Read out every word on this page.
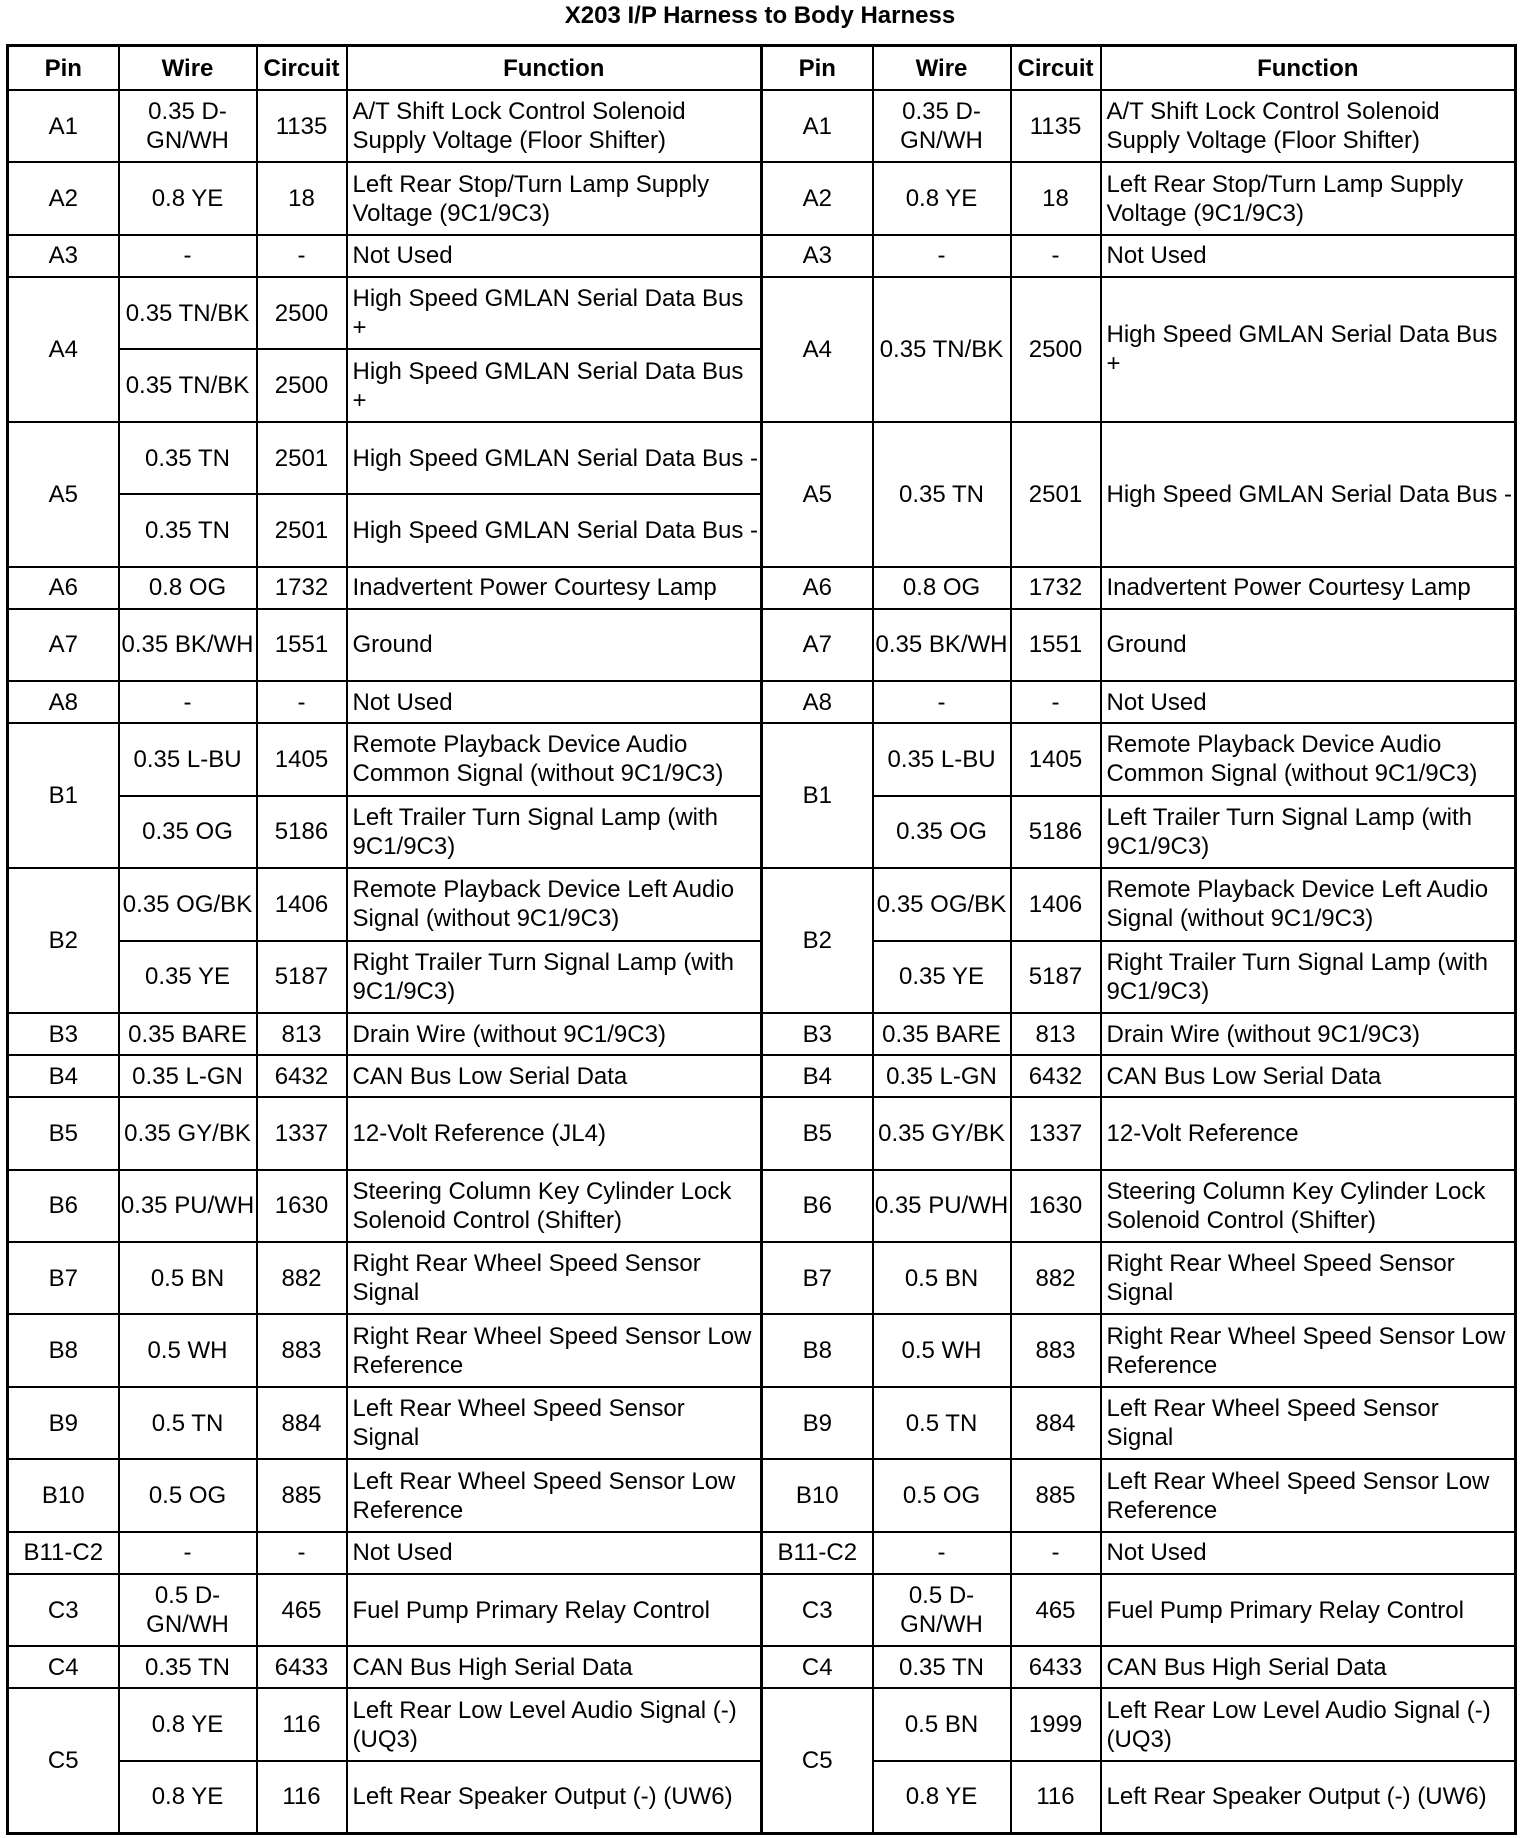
X203 I/P Harness to Body Harness
Pin	Wire	Circuit	Function	Pin	Wire	Circuit	Function
A1	0.35 D-GN/WH	1135	A/T Shift Lock Control Solenoid Supply Voltage (Floor Shifter)	A1	0.35 D-GN/WH	1135	A/T Shift Lock Control Solenoid Supply Voltage (Floor Shifter)
A2	0.8 YE	18	Left Rear Stop/Turn Lamp Supply Voltage (9C1/9C3)	A2	0.8 YE	18	Left Rear Stop/Turn Lamp Supply Voltage (9C1/9C3)
A3	-	-	Not Used	A3	-	-	Not Used
A4	0.35 TN/BK	2500	High Speed GMLAN Serial Data Bus +	A4	0.35 TN/BK	2500	High Speed GMLAN Serial Data Bus +
	0.35 TN/BK	2500	High Speed GMLAN Serial Data Bus +				
A5	0.35 TN	2501	High Speed GMLAN Serial Data Bus -	A5	0.35 TN	2501	High Speed GMLAN Serial Data Bus -
	0.35 TN	2501	High Speed GMLAN Serial Data Bus -				
A6	0.8 OG	1732	Inadvertent Power Courtesy Lamp	A6	0.8 OG	1732	Inadvertent Power Courtesy Lamp
A7	0.35 BK/WH	1551	Ground	A7	0.35 BK/WH	1551	Ground
A8	-	-	Not Used	A8	-	-	Not Used
B1	0.35 L-BU	1405	Remote Playback Device Audio Common Signal (without 9C1/9C3)	B1	0.35 L-BU	1405	Remote Playback Device Audio Common Signal (without 9C1/9C3)
	0.35 OG	5186	Left Trailer Turn Signal Lamp (with 9C1/9C3)		0.35 OG	5186	Left Trailer Turn Signal Lamp (with 9C1/9C3)
B2	0.35 OG/BK	1406	Remote Playback Device Left Audio Signal (without 9C1/9C3)	B2	0.35 OG/BK	1406	Remote Playback Device Left Audio Signal (without 9C1/9C3)
	0.35 YE	5187	Right Trailer Turn Signal Lamp (with 9C1/9C3)		0.35 YE	5187	Right Trailer Turn Signal Lamp (with 9C1/9C3)
B3	0.35 BARE	813	Drain Wire (without 9C1/9C3)	B3	0.35 BARE	813	Drain Wire (without 9C1/9C3)
B4	0.35 L-GN	6432	CAN Bus Low Serial Data	B4	0.35 L-GN	6432	CAN Bus Low Serial Data
B5	0.35 GY/BK	1337	12-Volt Reference (JL4)	B5	0.35 GY/BK	1337	12-Volt Reference
B6	0.35 PU/WH	1630	Steering Column Key Cylinder Lock Solenoid Control (Shifter)	B6	0.35 PU/WH	1630	Steering Column Key Cylinder Lock Solenoid Control (Shifter)
B7	0.5 BN	882	Right Rear Wheel Speed Sensor Signal	B7	0.5 BN	882	Right Rear Wheel Speed Sensor Signal
B8	0.5 WH	883	Right Rear Wheel Speed Sensor Low Reference	B8	0.5 WH	883	Right Rear Wheel Speed Sensor Low Reference
B9	0.5 TN	884	Left Rear Wheel Speed Sensor Signal	B9	0.5 TN	884	Left Rear Wheel Speed Sensor Signal
B10	0.5 OG	885	Left Rear Wheel Speed Sensor Low Reference	B10	0.5 OG	885	Left Rear Wheel Speed Sensor Low Reference
B11-C2	-	-	Not Used	B11-C2	-	-	Not Used
C3	0.5 D-GN/WH	465	Fuel Pump Primary Relay Control	C3	0.5 D-GN/WH	465	Fuel Pump Primary Relay Control
C4	0.35 TN	6433	CAN Bus High Serial Data	C4	0.35 TN	6433	CAN Bus High Serial Data
C5	0.8 YE	116	Left Rear Low Level Audio Signal (-) (UQ3)	C5	0.5 BN	1999	Left Rear Low Level Audio Signal (-) (UQ3)
	0.8 YE	116	Left Rear Speaker Output (-) (UW6)		0.8 YE	116	Left Rear Speaker Output (-) (UW6)
